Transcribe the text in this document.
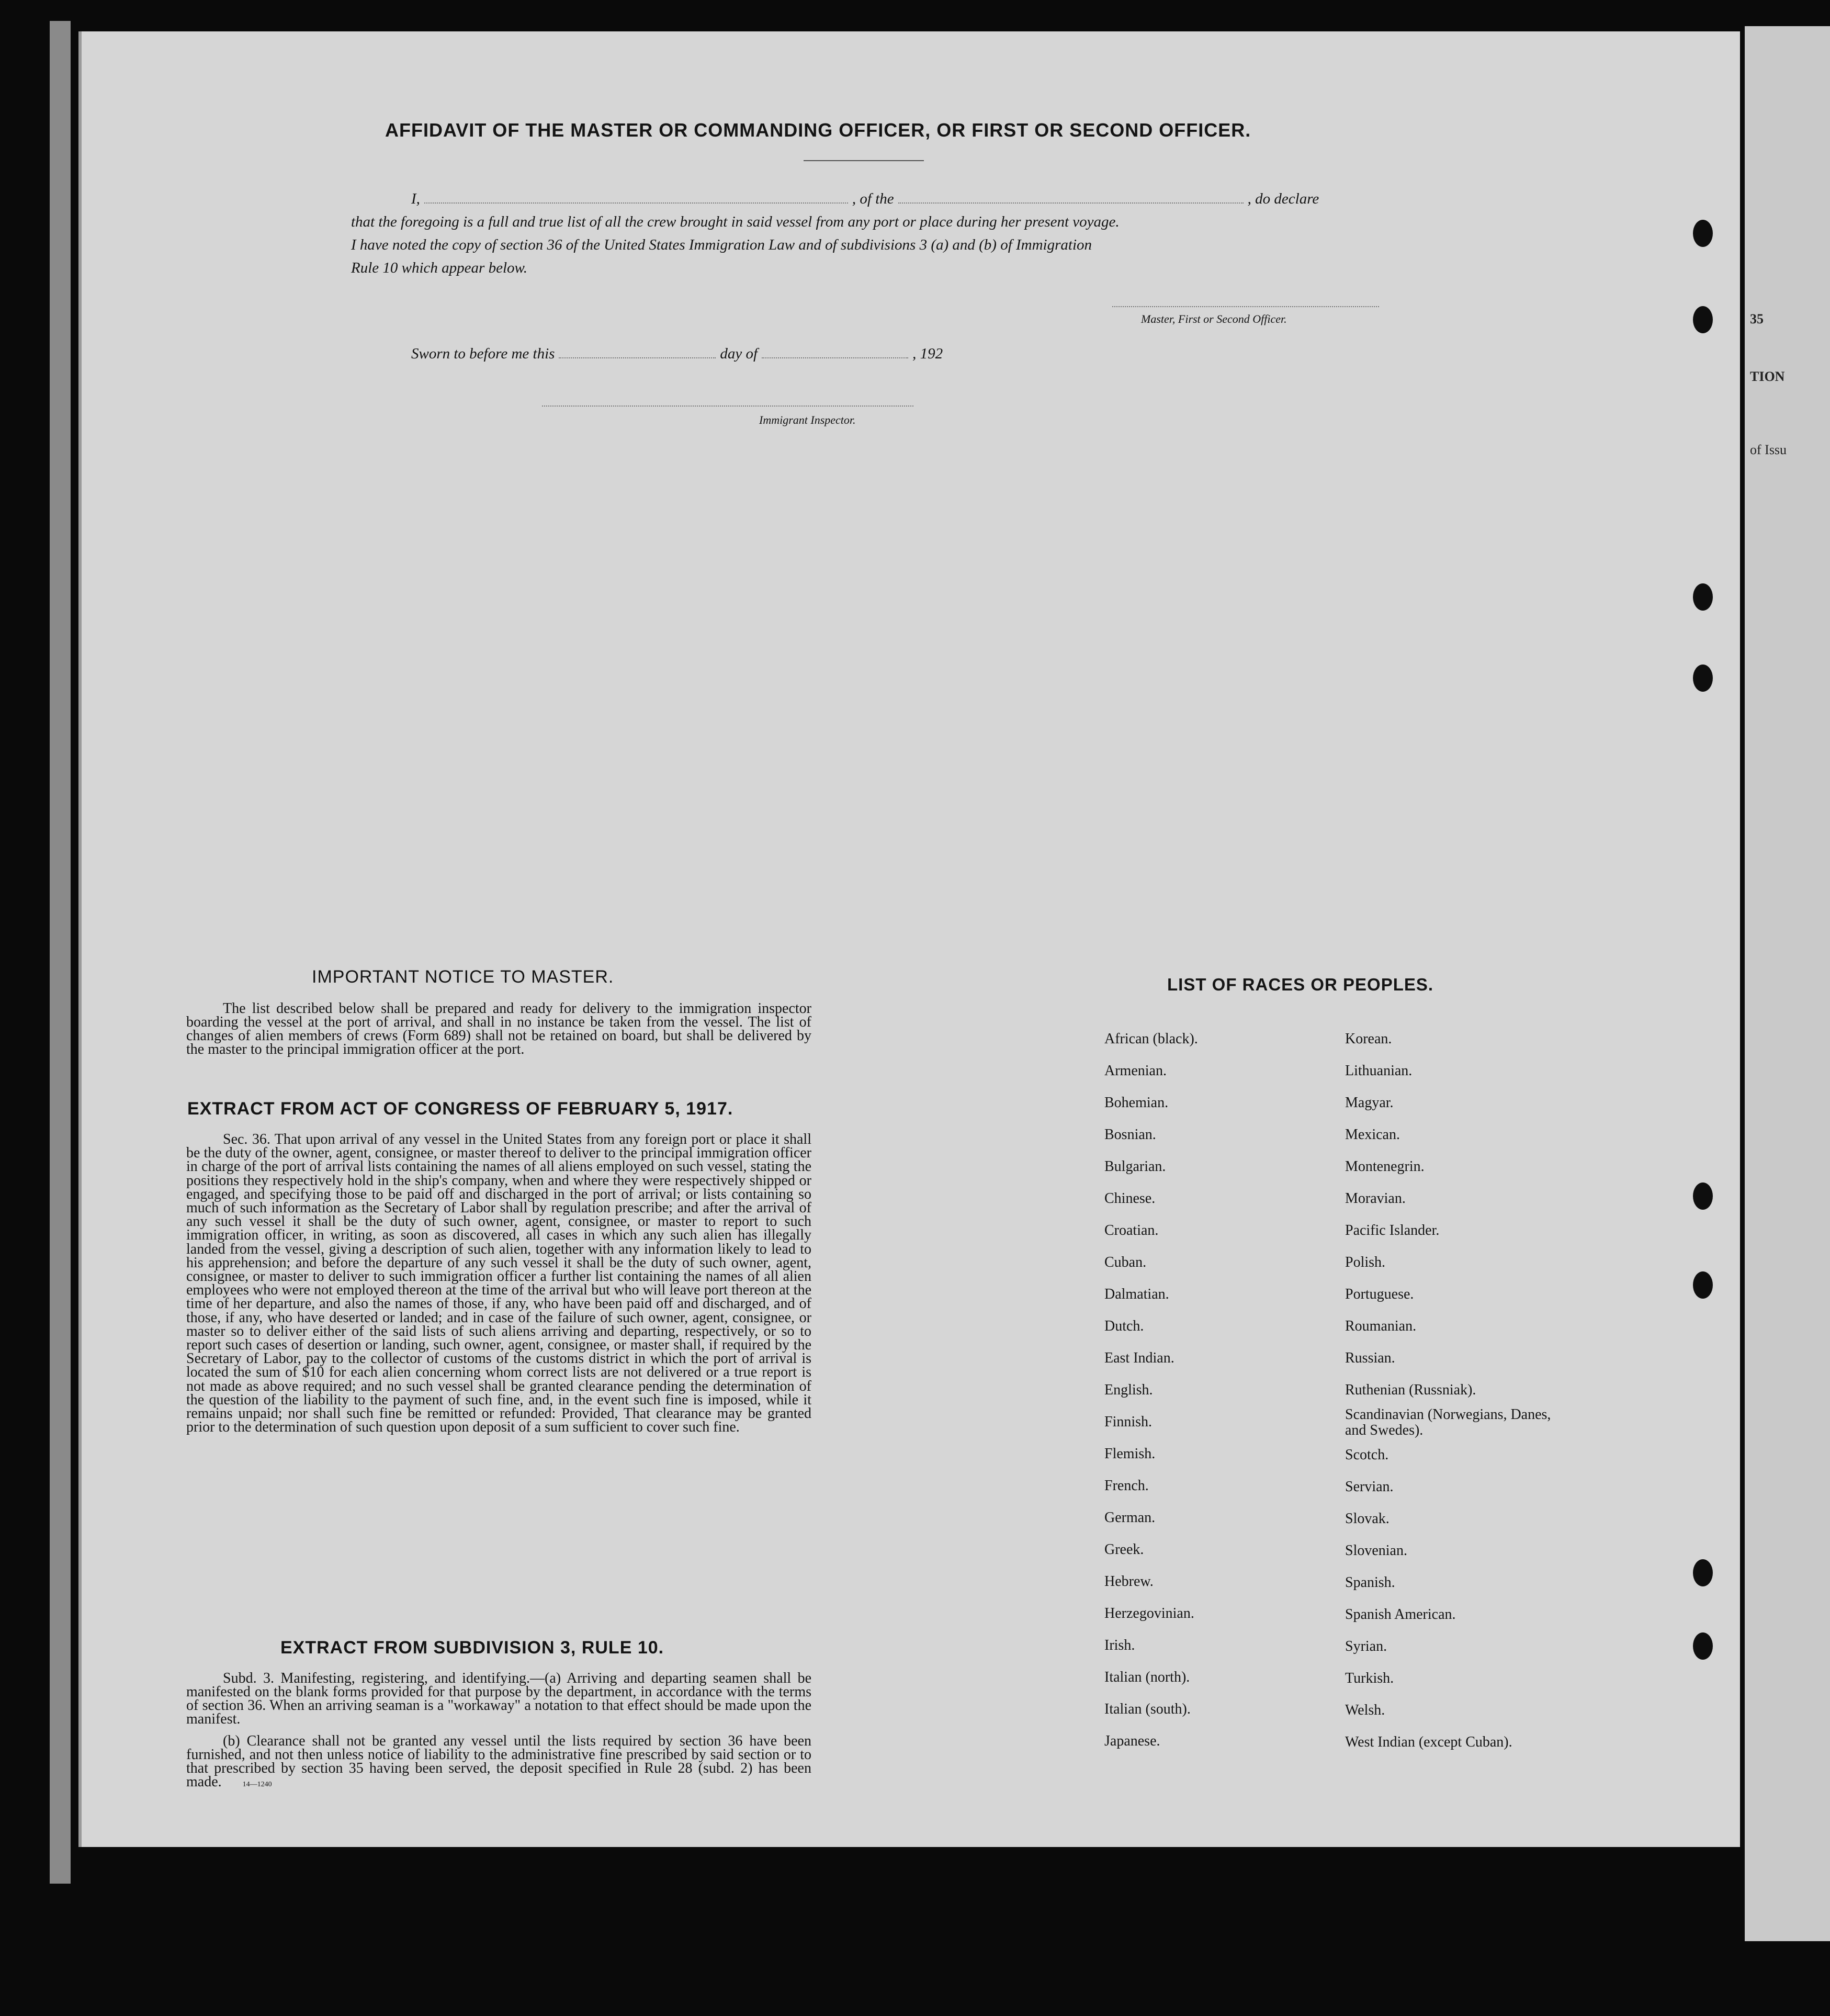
35
TION
of Issu
AFFIDAVIT OF THE MASTER OR COMMANDING OFFICER, OR FIRST OR SECOND OFFICER.
I,	, of the	, do declare
that the foregoing is a full and true list of all the crew brought in said vessel from any port or place during her present voyage.
I have noted the copy of section 36 of the United States Immigration Law and of subdivisions 3 (a) and (b) of Immigration
Rule 10 which appear below.
Master, First or Second Officer.
Sworn to before me this	day of	, 192
Immigrant Inspector.
IMPORTANT NOTICE TO MASTER.

The list described below shall be prepared and ready for delivery to the immigration inspector boarding the vessel at the port of arrival, and shall in no instance be taken from the vessel. The list of changes of alien members of crews (Form 689) shall not be retained on board, but shall be delivered by the master to the principal immigration officer at the port.

EXTRACT FROM ACT OF CONGRESS OF FEBRUARY 5, 1917.

Sec. 36. That upon arrival of any vessel in the United States from any foreign port or place it shall be the duty of the owner, agent, consignee, or master thereof to deliver to the principal immigration officer in charge of the port of arrival lists containing the names of all aliens employed on such vessel, stating the positions they respectively hold in the ship's company, when and where they were respectively shipped or engaged, and specifying those to be paid off and discharged in the port of arrival; or lists containing so much of such information as the Secretary of Labor shall by regulation prescribe; and after the arrival of any such vessel it shall be the duty of such owner, agent, consignee, or master to report to such immigration officer, in writing, as soon as discovered, all cases in which any such alien has illegally landed from the vessel, giving a description of such alien, together with any information likely to lead to his apprehension; and before the departure of any such vessel it shall be the duty of such owner, agent, consignee, or master to deliver to such immigration officer a further list containing the names of all alien employees who were not employed thereon at the time of the arrival but who will leave port thereon at the time of her departure, and also the names of those, if any, who have been paid off and discharged, and of those, if any, who have deserted or landed; and in case of the failure of such owner, agent, consignee, or master so to deliver either of the said lists of such aliens arriving and departing, respectively, or so to report such cases of desertion or landing, such owner, agent, consignee, or master shall, if required by the Secretary of Labor, pay to the collector of customs of the customs district in which the port of arrival is located the sum of $10 for each alien concerning whom correct lists are not delivered or a true report is not made as above required; and no such vessel shall be granted clearance pending the determination of the question of the liability to the payment of such fine, and, in the event such fine is imposed, while it remains unpaid; nor shall such fine be remitted or refunded: Provided, That clearance may be granted prior to the determination of such question upon deposit of a sum sufficient to cover such fine.

EXTRACT FROM SUBDIVISION 3, RULE 10.

Subd. 3. Manifesting, registering, and identifying.—(a) Arriving and departing seamen shall be manifested on the blank forms provided for that purpose by the department, in accordance with the terms of section 36. When an arriving seaman is a "workaway" a notation to that effect should be made upon the manifest.

(b) Clearance shall not be granted any vessel until the lists required by section 36 have been furnished, and not then unless notice of liability to the administrative fine prescribed by said section or to that prescribed by section 35 having been served, the deposit specified in Rule 28 (subd. 2) has been made.	14—1240

LIST OF RACES OR PEOPLES.
African (black).
Armenian.
Bohemian.
Bosnian.
Bulgarian.
Chinese.
Croatian.
Cuban.
Dalmatian.
Dutch.
East Indian.
English.
Finnish.
Flemish.
French.
German.
Greek.
Hebrew.
Herzegovinian.
Irish.
Italian (north).
Italian (south).
Japanese.
Korean.
Lithuanian.
Magyar.
Mexican.
Montenegrin.
Moravian.
Pacific Islander.
Polish.
Portuguese.
Roumanian.
Russian.
Ruthenian (Russniak).
Scandinavian (Norwegians, Danes, and Swedes).
Scotch.
Servian.
Slovak.
Slovenian.
Spanish.
Spanish American.
Syrian.
Turkish.
Welsh.
West Indian (except Cuban).
